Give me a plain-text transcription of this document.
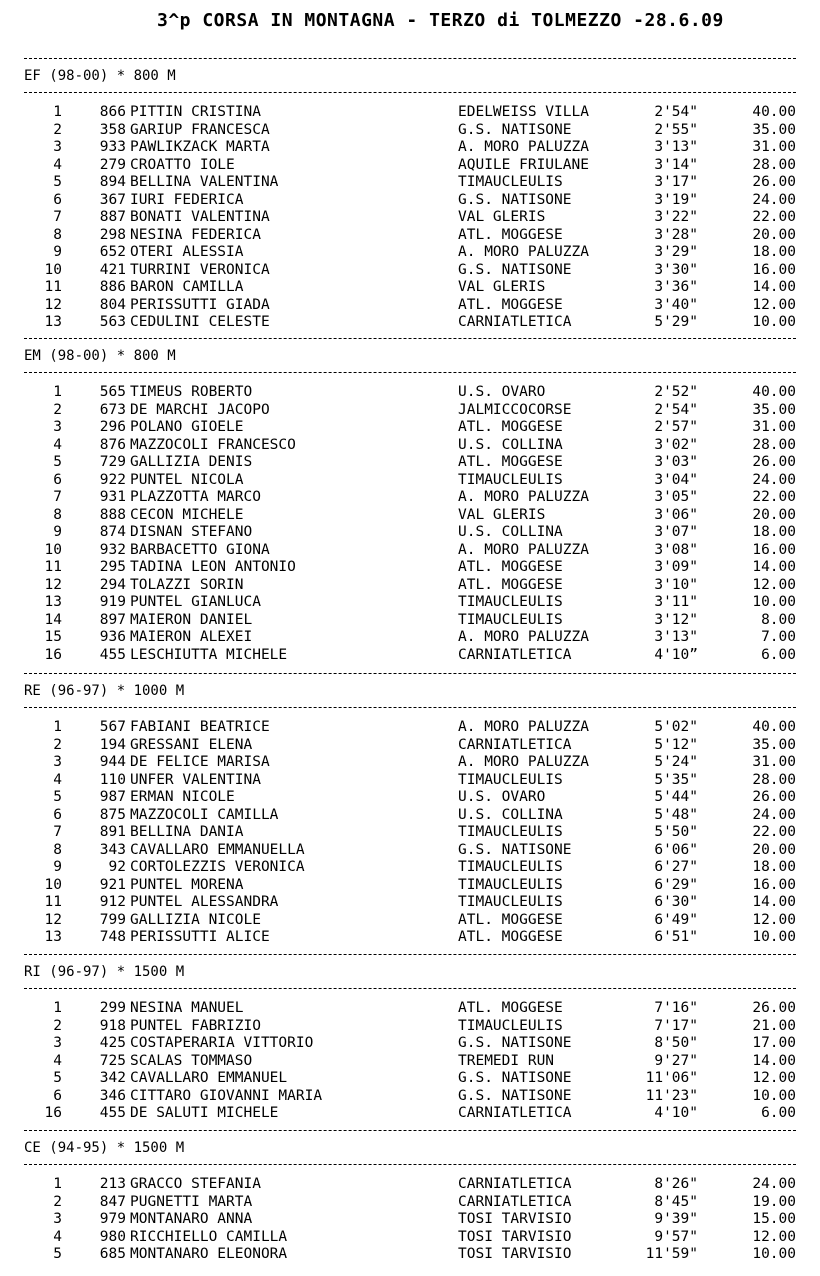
3^p CORSA IN MONTAGNA - TERZO di TOLMEZZO -28.6.09
EF (98-00) * 800 M
1	866 PITTIN CRISTINA	EDELWEISS VILLA	2'54"	40.00
2	358 GARIUP FRANCESCA	G.S. NATISONE	2'55"	35.00
3	933 PAWLIKZACK MARTA	A. MORO PALUZZA	3'13"	31.00
4	279 CROATTO IOLE	AQUILE FRIULANE	3'14"	28.00
5	894 BELLINA VALENTINA	TIMAUCLEULIS	3'17"	26.00
6	367 IURI FEDERICA	G.S. NATISONE	3'19"	24.00
7	887 BONATI VALENTINA	VAL GLERIS	3'22"	22.00
8	298 NESINA FEDERICA	ATL. MOGGESE	3'28"	20.00
9	652 OTERI ALESSIA	A. MORO PALUZZA	3'29"	18.00
10	421 TURRINI VERONICA	G.S. NATISONE	3'30"	16.00
11	886 BARON CAMILLA	VAL GLERIS	3'36"	14.00
12	804 PERISSUTTI GIADA	ATL. MOGGESE	3'40"	12.00
13	563 CEDULINI CELESTE	CARNIATLETICA	5'29"	10.00
EM (98-00) * 800 M
1	565 TIMEUS ROBERTO	U.S. OVARO	2'52"	40.00
2	673 DE MARCHI JACOPO	JALMICCOCORSE	2'54"	35.00
3	296 POLANO GIOELE	ATL. MOGGESE	2'57"	31.00
4	876 MAZZOCOLI FRANCESCO	U.S. COLLINA	3'02"	28.00
5	729 GALLIZIA DENIS	ATL. MOGGESE	3'03"	26.00
6	922 PUNTEL NICOLA	TIMAUCLEULIS	3'04"	24.00
7	931 PLAZZOTTA MARCO	A. MORO PALUZZA	3'05"	22.00
8	888 CECON MICHELE	VAL GLERIS	3'06"	20.00
9	874 DISNAN STEFANO	U.S. COLLINA	3'07"	18.00
10	932 BARBACETTO GIONA	A. MORO PALUZZA	3'08"	16.00
11	295 TADINA LEON ANTONIO	ATL. MOGGESE	3'09"	14.00
12	294 TOLAZZI SORIN	ATL. MOGGESE	3'10"	12.00
13	919 PUNTEL GIANLUCA	TIMAUCLEULIS	3'11"	10.00
14	897 MAIERON DANIEL	TIMAUCLEULIS	3'12"	8.00
15	936 MAIERON ALEXEI	A. MORO PALUZZA	3'13"	7.00
16	455 LESCHIUTTA MICHELE	CARNIATLETICA	4'10”	6.00
RE (96-97) * 1000 M
1	567 FABIANI BEATRICE	A. MORO PALUZZA	5'02"	40.00
2	194 GRESSANI ELENA	CARNIATLETICA	5'12"	35.00
3	944 DE FELICE MARISA	A. MORO PALUZZA	5'24"	31.00
4	110 UNFER VALENTINA	TIMAUCLEULIS	5'35"	28.00
5	987 ERMAN NICOLE	U.S. OVARO	5'44"	26.00
6	875 MAZZOCOLI CAMILLA	U.S. COLLINA	5'48"	24.00
7	891 BELLINA DANIA	TIMAUCLEULIS	5'50"	22.00
8	343 CAVALLARO EMMANUELLA	G.S. NATISONE	6'06"	20.00
9	92 CORTOLEZZIS VERONICA	TIMAUCLEULIS	6'27"	18.00
10	921 PUNTEL MORENA	TIMAUCLEULIS	6'29"	16.00
11	912 PUNTEL ALESSANDRA	TIMAUCLEULIS	6'30"	14.00
12	799 GALLIZIA NICOLE	ATL. MOGGESE	6'49"	12.00
13	748 PERISSUTTI ALICE	ATL. MOGGESE	6'51"	10.00
RI (96-97) * 1500 M
1	299 NESINA MANUEL	ATL. MOGGESE	7'16"	26.00
2	918 PUNTEL FABRIZIO	TIMAUCLEULIS	7'17"	21.00
3	425 COSTAPERARIA VITTORIO	G.S. NATISONE	8'50"	17.00
4	725 SCALAS TOMMASO	TREMEDI RUN	9'27"	14.00
5	342 CAVALLARO EMMANUEL	G.S. NATISONE	11'06"	12.00
6	346 CITTARO GIOVANNI MARIA	G.S. NATISONE	11'23"	10.00
16	455 DE SALUTI MICHELE	CARNIATLETICA	4'10"	6.00
CE (94-95) * 1500 M
1	213 GRACCO STEFANIA	CARNIATLETICA	8'26"	24.00
2	847 PUGNETTI MARTA	CARNIATLETICA	8'45"	19.00
3	979 MONTANARO ANNA	TOSI TARVISIO	9'39"	15.00
4	980 RICCHIELLO CAMILLA	TOSI TARVISIO	9'57"	12.00
5	685 MONTANARO ELEONORA	TOSI TARVISIO	11'59"	10.00
